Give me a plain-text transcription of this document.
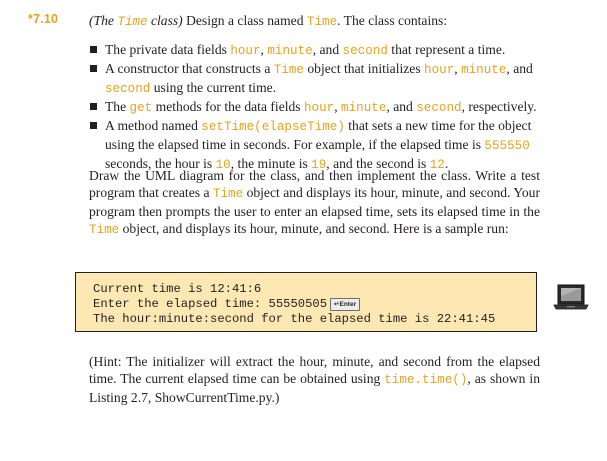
*7.10 (The Time class) Design a class named Time. The class contains:
The private data fields hour, minute, and second that represent a time.
A constructor that constructs a Time object that initializes hour, minute, and second using the current time.
The get methods for the data fields hour, minute, and second, respectively.
A method named setTime(elapseTime) that sets a new time for the object using the elapsed time in seconds. For example, if the elapsed time is 555550 seconds, the hour is 10, the minute is 19, and the second is 12.

Draw the UML diagram for the class, and then implement the class. Write a test program that creates a Time object and displays its hour, minute, and second. Your program then prompts the user to enter an elapsed time, sets its elapsed time in the Time object, and displays its hour, minute, and second. Here is a sample run:

Current time is 12:41:6
Enter the elapsed time: 55550505 ↵Enter
The hour:minute:second for the elapsed time is 22:41:45

(Hint: The initializer will extract the hour, minute, and second from the elapsed time. The current elapsed time can be obtained using time.time(), as shown in Listing 2.7, ShowCurrentTime.py.)
